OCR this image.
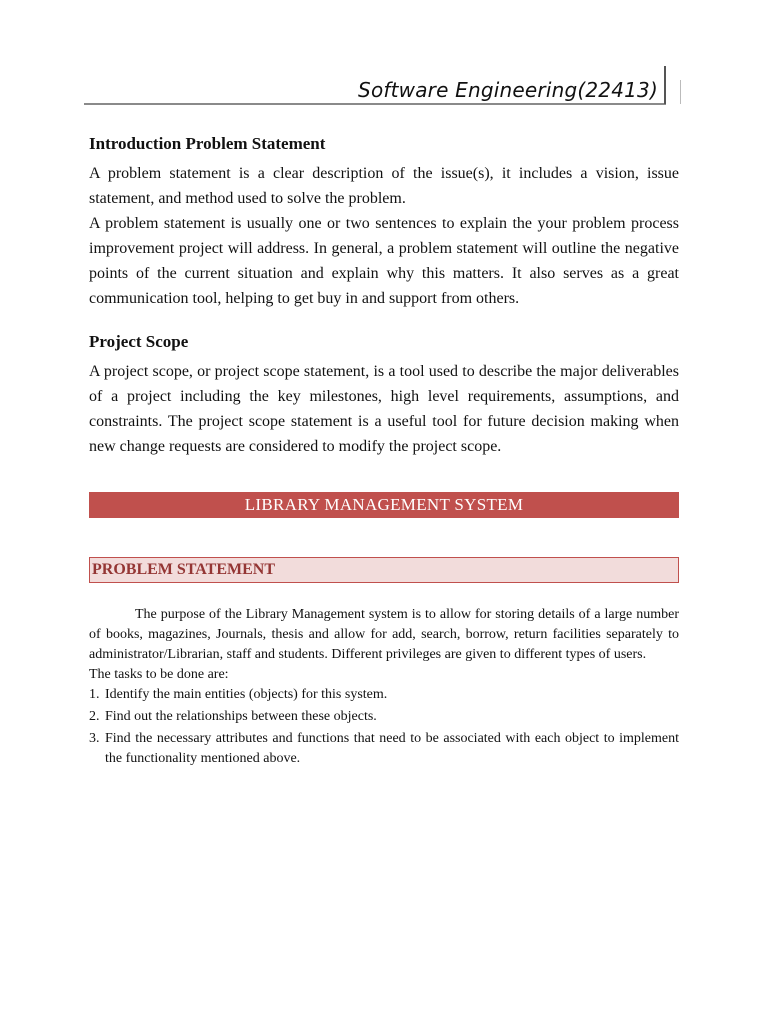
Software Engineering(22413)
Introduction Problem Statement

A problem statement is a clear description of the issue(s), it includes a vision, issue statement, and method used to solve the problem.

A problem statement is usually one or two sentences to explain the your problem process improvement project will address. In general, a problem statement will outline the negative points of the current situation and explain why this matters. It also serves as a great communication tool, helping to get buy in and support from others.

Project Scope

A project scope, or project scope statement, is a tool used to describe the major deliverables of a project including the key milestones, high level requirements, assumptions, and constraints. The project scope statement is a useful tool for future decision making when new change requests are considered to modify the project scope.

LIBRARY MANAGEMENT SYSTEM
PROBLEM STATEMENT
The purpose of the Library Management system is to allow for storing details of a large number of books, magazines, Journals, thesis and allow for add, search, borrow, return facilities separately to administrator/Librarian, staff and students. Different privileges are given to different types of users.

The tasks to be done are:

1. Identify the main entities (objects) for this system.
2. Find out the relationships between these objects.
3. Find the necessary attributes and functions that need to be associated with each object to implement the functionality mentioned above.
